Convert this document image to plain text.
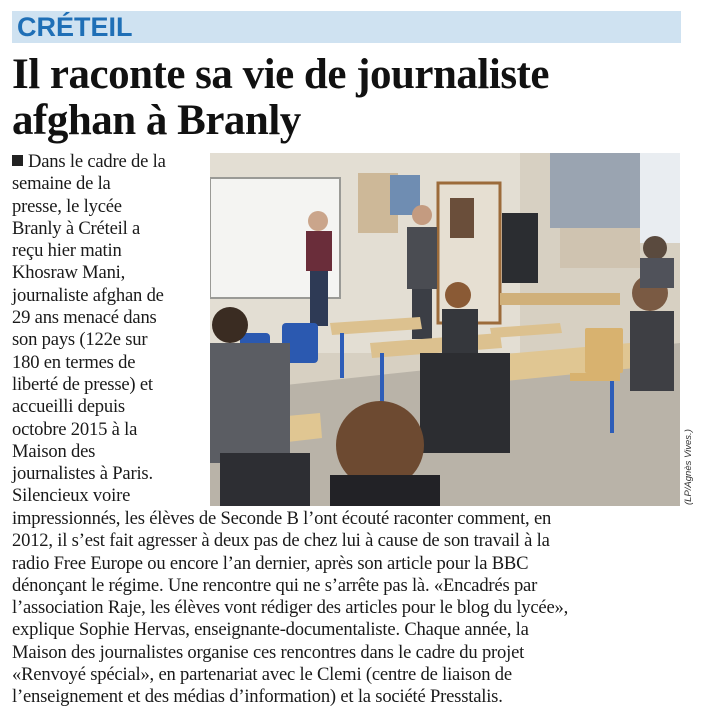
CRÉTEIL
Il raconte sa vie de journaliste
afghan à Branly
Dans le cadre de la
semaine de la
presse, le lycée
Branly à Créteil a
reçu hier matin
Khosraw Mani,
journaliste afghan de
29 ans menacé dans
son pays (122e sur
180 en termes de
liberté de presse) et
accueilli depuis
octobre 2015 à la
Maison des
journalistes à Paris.
Silencieux voire	(LP/Agnès Vives.)
impressionnés, les élèves de Seconde B l’ont écouté raconter comment, en
2012, il s’est fait agresser à deux pas de chez lui à cause de son travail à la
radio Free Europe ou encore l’an dernier, après son article pour la BBC
dénonçant le régime. Une rencontre qui ne s’arrête pas là. «Encadrés par
l’association Raje, les élèves vont rédiger des articles pour le blog du lycée»,
explique Sophie Hervas, enseignante-documentaliste. Chaque année, la
Maison des journalistes organise ces rencontres dans le cadre du projet
«Renvoyé spécial», en partenariat avec le Clemi (centre de liaison de
l’enseignement et des médias d’information) et la société Presstalis.
